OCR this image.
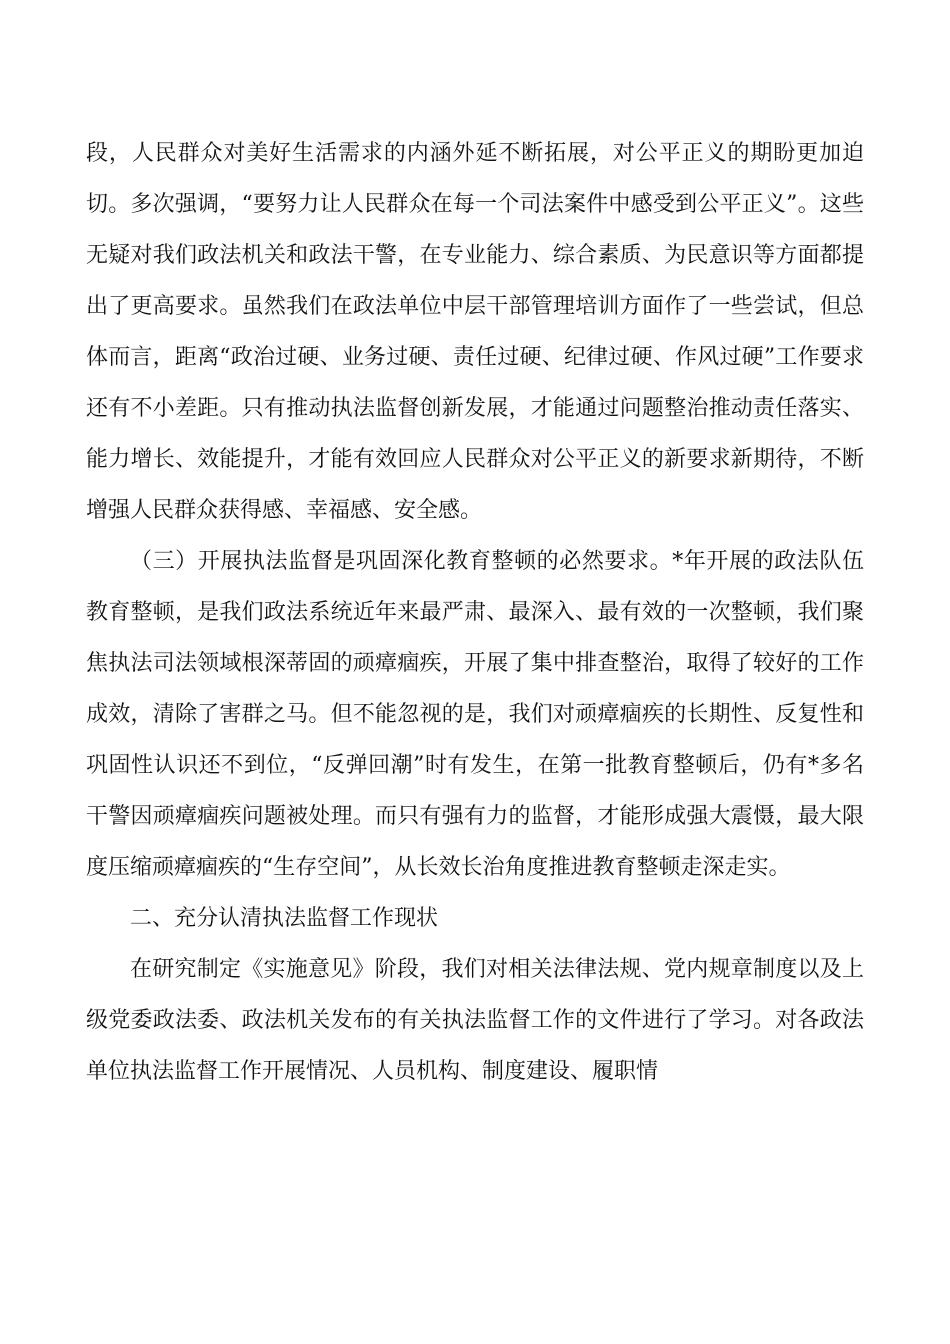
段，人民群众对美好生活需求的内涵外延不断拓展，对公平正义的期盼更加迫切。多次强调，“要努力让人民群众在每一个司法案件中感受到公平正义”。这些无疑对我们政法机关和政法干警，在专业能力、综合素质、为民意识等方面都提出了更高要求。虽然我们在政法单位中层干部管理培训方面作了一些尝试，但总体而言，距离“政治过硬、业务过硬、责任过硬、纪律过硬、作风过硬”工作要求还有不小差距。只有推动执法监督创新发展，才能通过问题整治推动责任落实、能力增长、效能提升，才能有效回应人民群众对公平正义的新要求新期待，不断增强人民群众获得感、幸福感、安全感。

（三）开展执法监督是巩固深化教育整顿的必然要求。*年开展的政法队伍教育整顿，是我们政法系统近年来最严肃、最深入、最有效的一次整顿，我们聚焦执法司法领域根深蒂固的顽瘴痼疾，开展了集中排查整治，取得了较好的工作成效，清除了害群之马。但不能忽视的是，我们对顽瘴痼疾的长期性、反复性和巩固性认识还不到位，“反弹回潮”时有发生，在第一批教育整顿后，仍有*多名干警因顽瘴痼疾问题被处理。而只有强有力的监督，才能形成强大震慑，最大限度压缩顽瘴痼疾的“生存空间”，从长效长治角度推进教育整顿走深走实。

二、充分认清执法监督工作现状

在研究制定《实施意见》阶段，我们对相关法律法规、党内规章制度以及上级党委政法委、政法机关发布的有关执法监督工作的文件进行了学习。对各政法单位执法监督工作开展情况、人员机构、制度建设、履职情
